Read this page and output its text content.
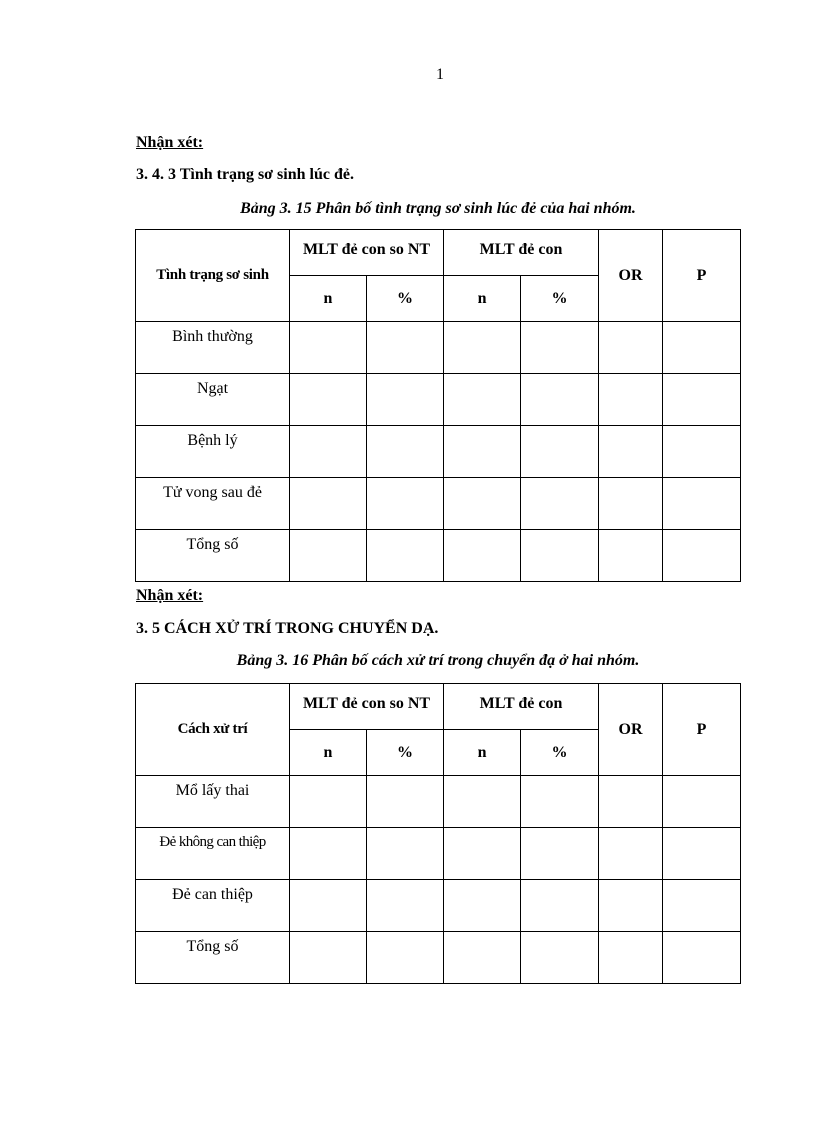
1
Nhận xét:
3. 4. 3 Tình trạng sơ sinh lúc đẻ.
Bảng 3. 15 Phân bố tình trạng sơ sinh lúc đẻ của hai nhóm.
Tình trạng sơ sinh	MLT đẻ con so NT		MLT đẻ con		OR	P
	n	%	n	%		
Bình thường						
Ngạt						
Bệnh lý						
Tử vong sau đẻ						
Tổng số						
Nhận xét:
3. 5 CÁCH XỬ TRÍ TRONG CHUYỂN DẠ.
Bảng 3. 16 Phân bố cách xử trí trong chuyển đạ ở hai nhóm.
Cách xử trí	MLT đẻ con so NT		MLT đẻ con		OR	P
	n	%	n	%		
Mổ lấy thai						
Đẻ không can thiệp						
Đẻ can thiệp						
Tổng số						
